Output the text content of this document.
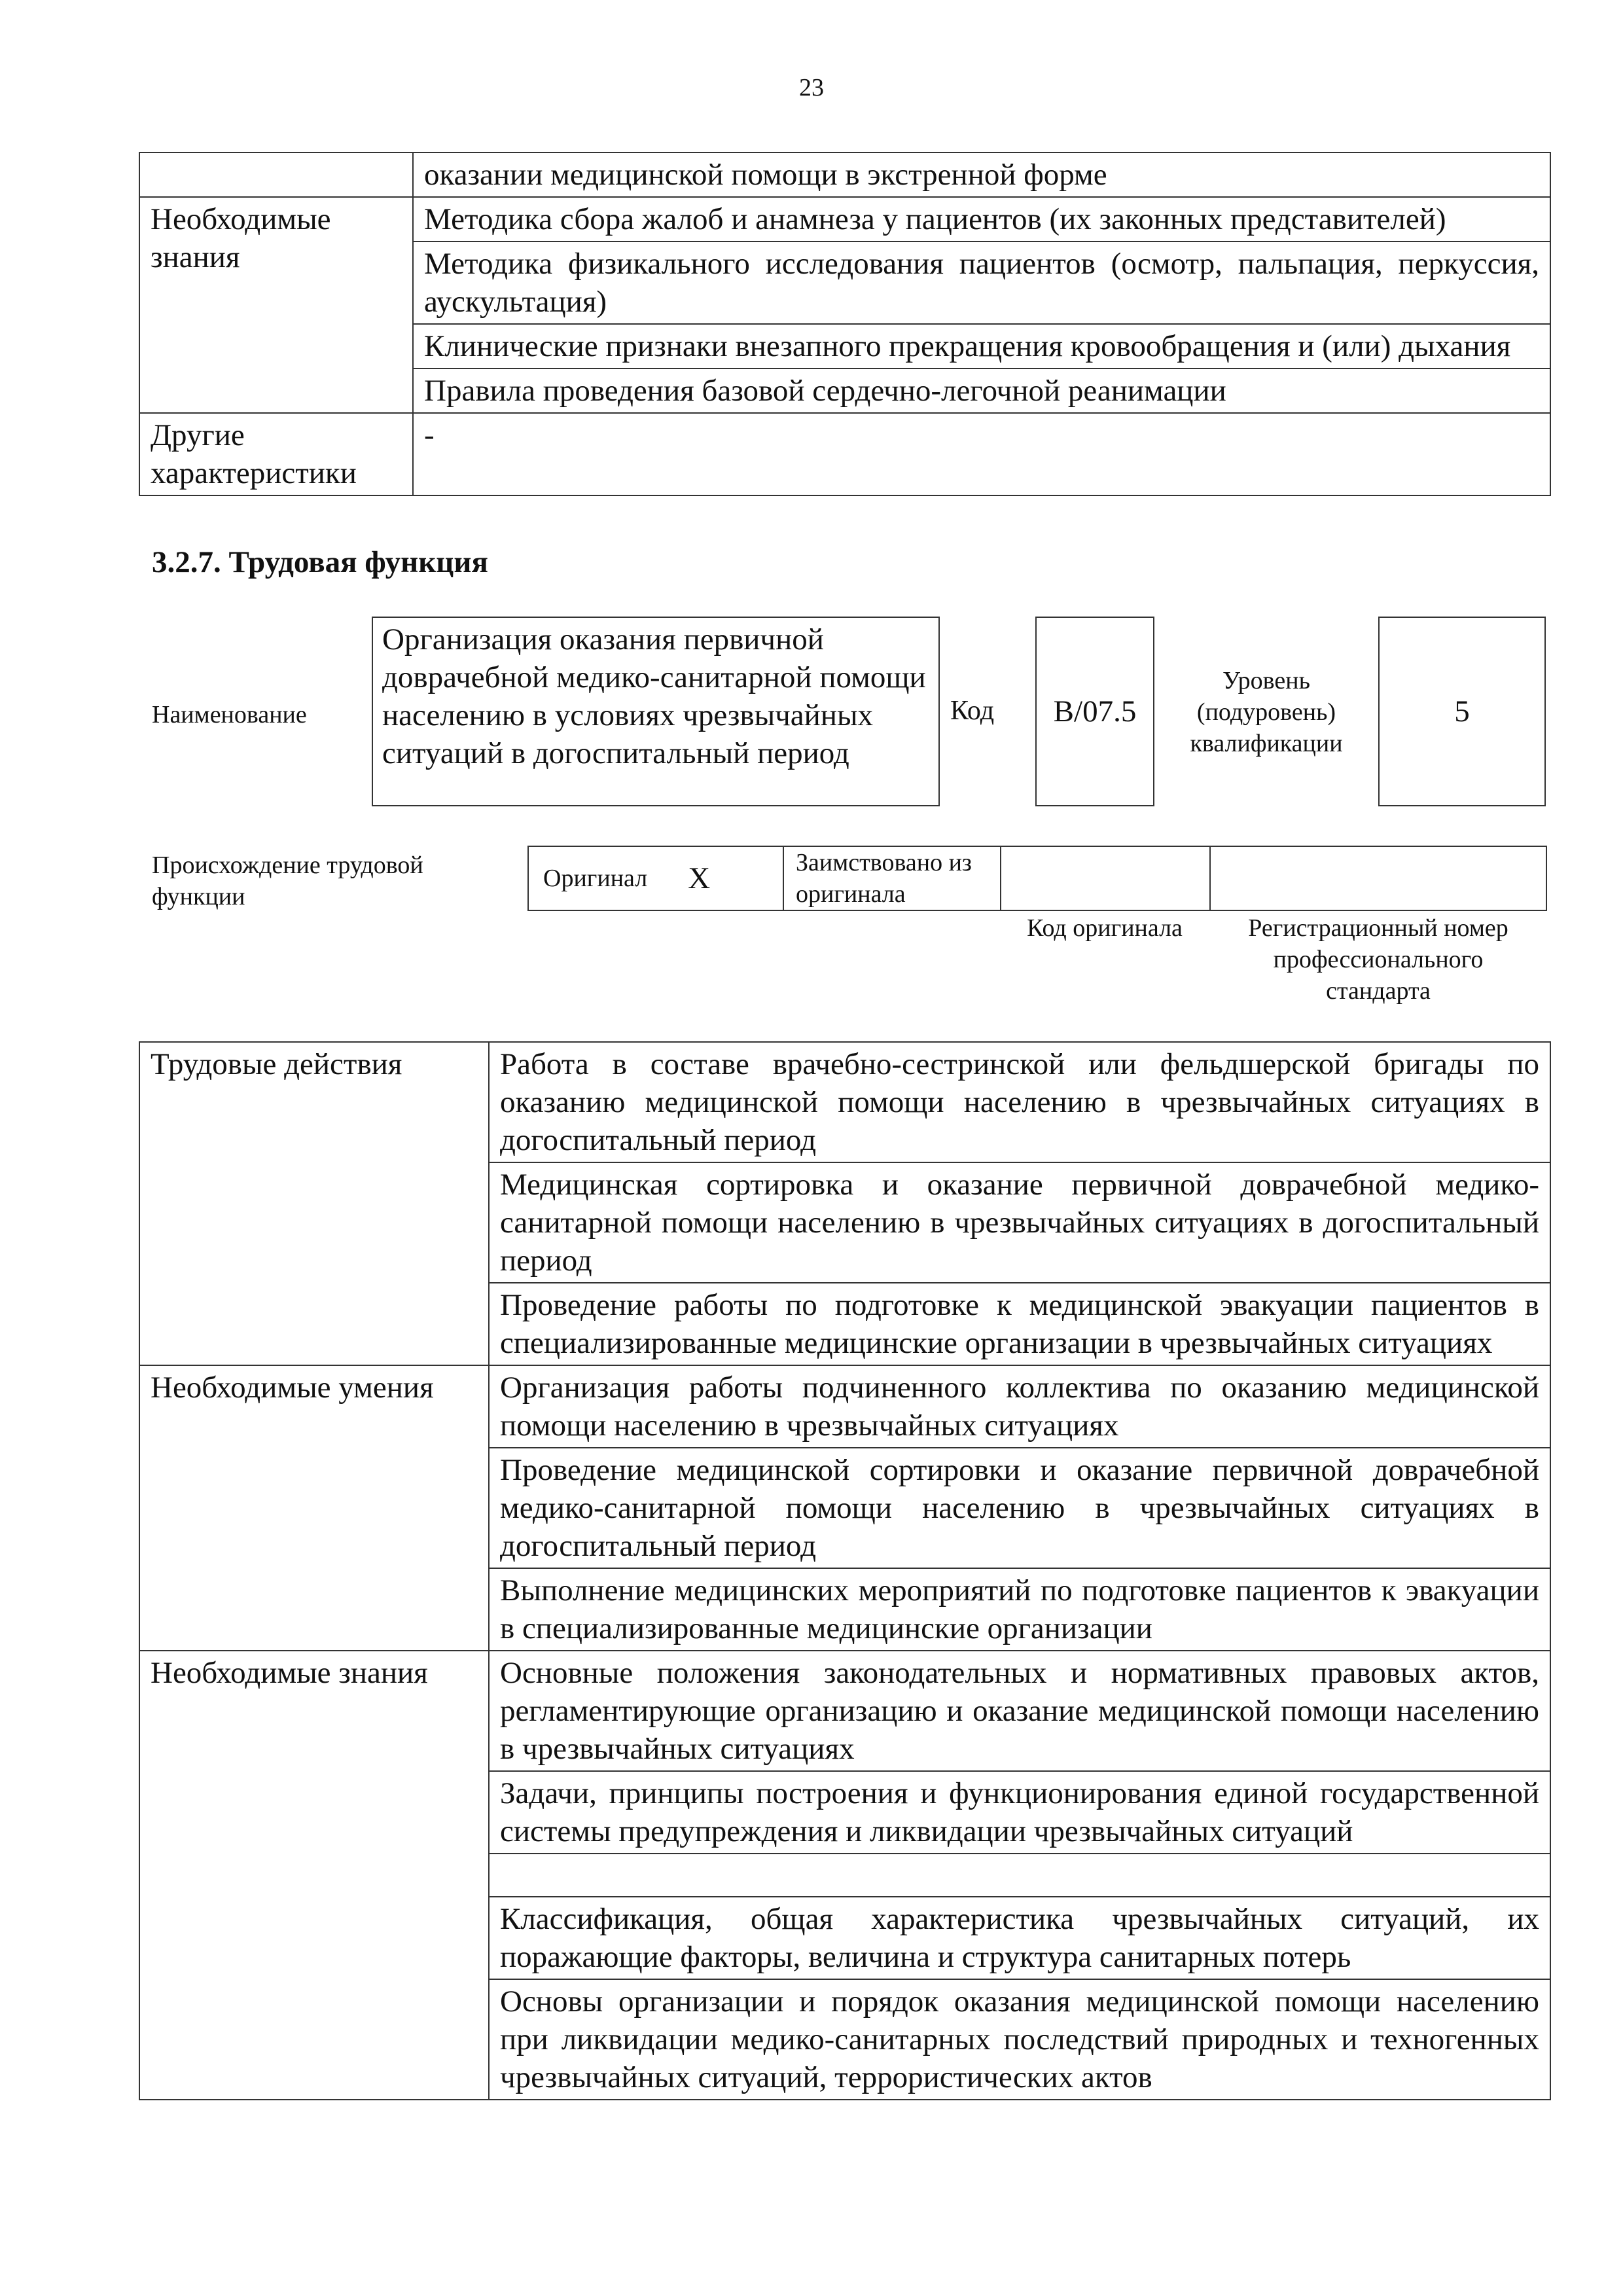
23
	оказании медицинской помощи в экстренной форме
Необходимые знания	Методика сбора жалоб и анамнеза у пациентов (их законных представителей)
	Методика физикального исследования пациентов (осмотр, пальпация, перкуссия, аускультация)
	Клинические признаки внезапного прекращения кровообращения и (или) дыхания
	Правила проведения базовой сердечно-легочной реанимации
Другие характеристики	-
3.2.7. Трудовая функция
Наименование
Организация оказания первичной доврачебной медико-санитарной помощи населению в условиях чрезвычайных ситуаций в догоспитальный период
Код B/07.5
Уровень (подуровень) квалификации
5
Происхождение трудовой функции
Оригинал X	Заимствовано из оригинала
Код оригинала	Регистрационный номер профессионального стандарта
Трудовые действия	Работа в составе врачебно-сестринской или фельдшерской бригады по оказанию медицинской помощи населению в чрезвычайных ситуациях в догоспитальный период
	Медицинская сортировка и оказание первичной доврачебной медико-санитарной помощи населению в чрезвычайных ситуациях в догоспитальный период
	Проведение работы по подготовке к медицинской эвакуации пациентов в специализированные медицинские организации в чрезвычайных ситуациях
Необходимые умения	Организация работы подчиненного коллектива по оказанию медицинской помощи населению в чрезвычайных ситуациях
	Проведение медицинской сортировки и оказание первичной доврачебной медико-санитарной помощи населению в чрезвычайных ситуациях в догоспитальный период
	Выполнение медицинских мероприятий по подготовке пациентов к эвакуации в специализированные медицинские организации
Необходимые знания	Основные положения законодательных и нормативных правовых актов, регламентирующие организацию и оказание медицинской помощи населению в чрезвычайных ситуациях
	Задачи, принципы построения и функционирования единой государственной системы предупреждения и ликвидации чрезвычайных ситуаций

	Классификация, общая характеристика чрезвычайных ситуаций, их поражающие факторы, величина и структура санитарных потерь
	Основы организации и порядок оказания медицинской помощи населению при ликвидации медико-санитарных последствий природных и техногенных чрезвычайных ситуаций, террористических актов
